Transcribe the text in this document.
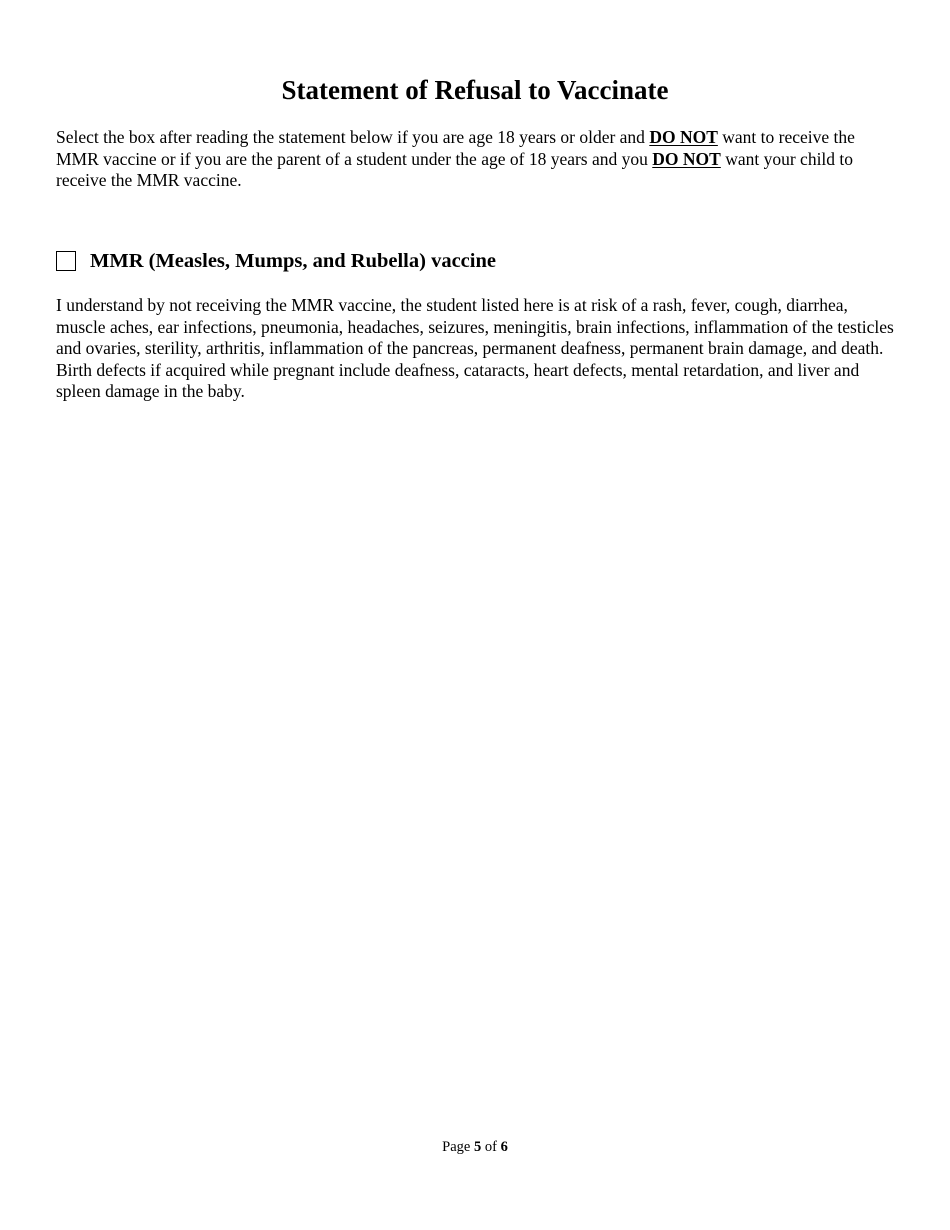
Statement of Refusal to Vaccinate

Select the box after reading the statement below if you are age 18 years or older and DO NOT want to receive the MMR vaccine or if you are the parent of a student under the age of 18 years and you DO NOT want your child to receive the MMR vaccine.

MMR (Measles, Mumps, and Rubella) vaccine

I understand by not receiving the MMR vaccine, the student listed here is at risk of a rash, fever, cough, diarrhea, muscle aches, ear infections, pneumonia, headaches, seizures, meningitis, brain infections, inflammation of the testicles and ovaries, sterility, arthritis, inflammation of the pancreas, permanent deafness, permanent brain damage, and death. Birth defects if acquired while pregnant include deafness, cataracts, heart defects, mental retardation, and liver and spleen damage in the baby.

Page 5 of 6
